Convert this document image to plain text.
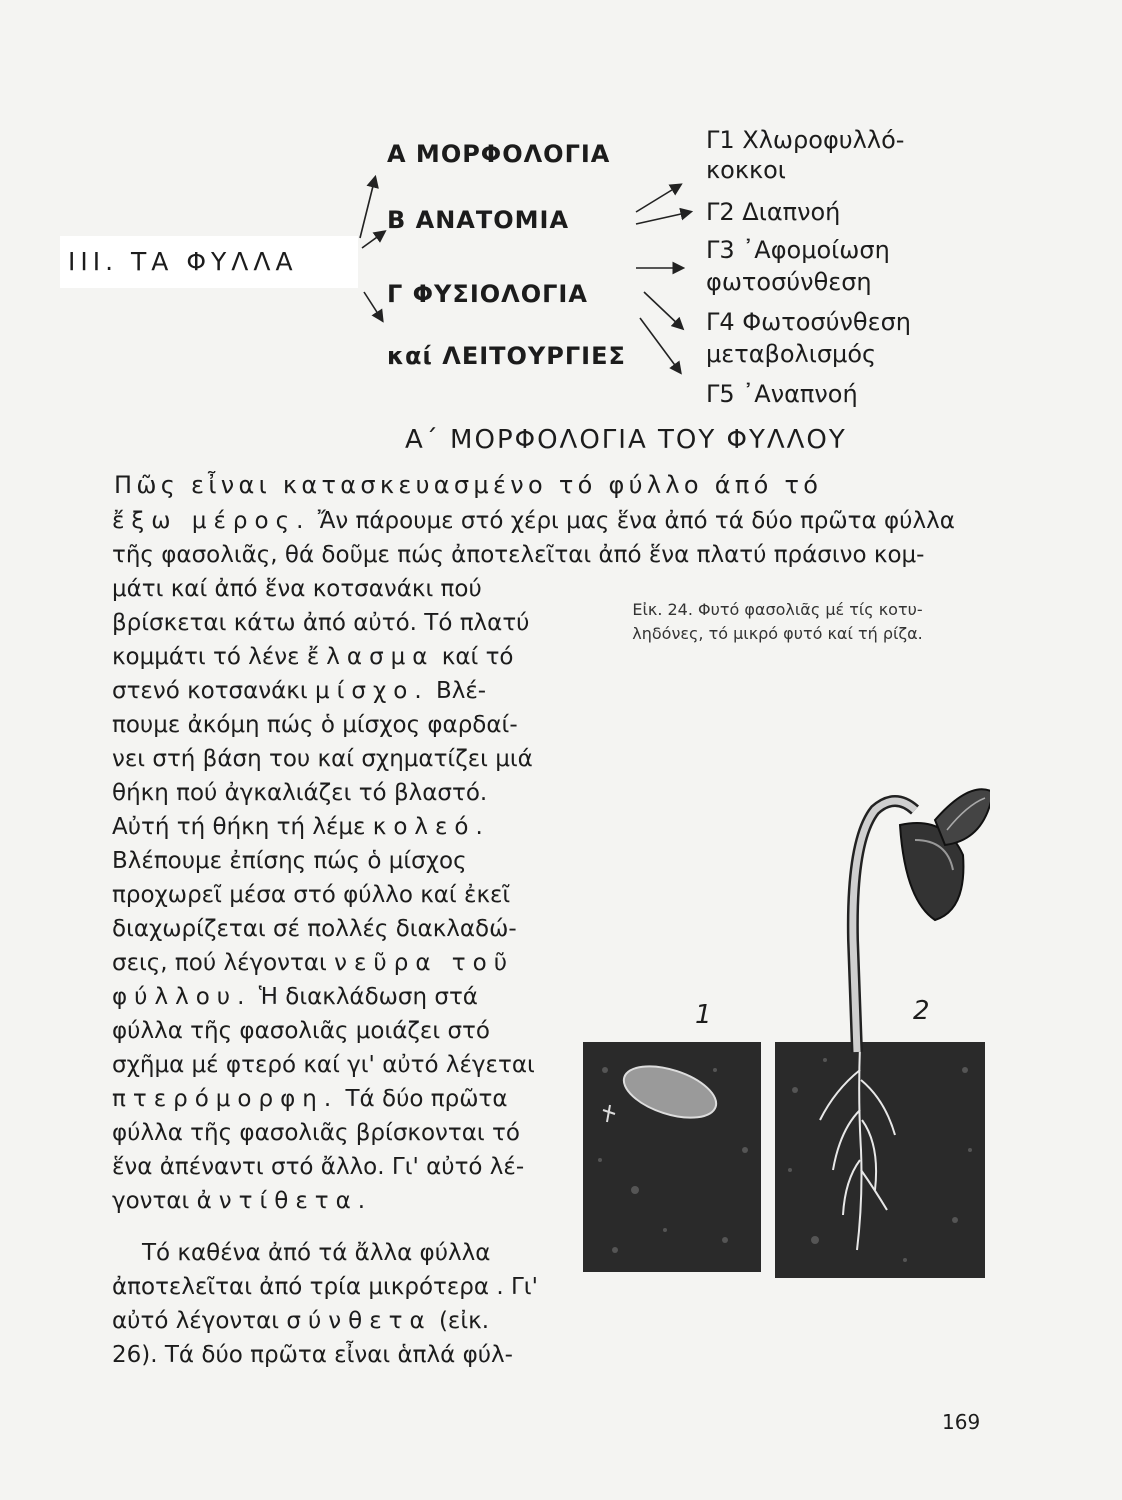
ΙΙΙ. ΤΑ ΦΥΛΛΑ
Α ΜΟΡΦΟΛΟΓΙΑ
Β ΑΝΑΤΟΜΙΑ
Γ ΦΥΣΙΟΛΟΓΙΑ
καί ΛΕΙΤΟΥΡΓΙΕΣ
Γ1 Χλωροφυλλό-
κοκκοι
Γ2 Διαπνοή
Γ3 ᾽Αφομοίωση
φωτοσύνθεση
Γ4 Φωτοσύνθεση
μεταβολισμός
Γ5 ᾽Αναπνοή
Α΄ ΜΟΡΦΟΛΟΓΙΑ ΤΟΥ ΦΥΛΛΟΥ
Πῶς εἶναι κατασκευασμένο τό φύλλο άπό τό
ἔξω μέρος. Ἄν πάρουμε στό χέρι μας ἕνα ἀπό τά δύο πρῶτα φύλλα
τῆς φασολιᾶς, θά δοῦμε πώς ἀποτελεῖται ἀπό ἕνα πλατύ πράσινο κομ-
μάτι καί ἀπό ἕνα κοτσανάκι πού
βρίσκεται κάτω ἀπό αὐτό. Τό πλατύ
κομμάτι τό λένε ἔλασμα καί τό
στενό κοτσανάκι μίσχο. Βλέ-
πουμε ἀκόμη πώς ὁ μίσχος φαρδαί-
νει στή βάση του καί σχηματίζει μιά
θήκη πού ἀγκαλιάζει τό βλαστό.
Αὐτή τή θήκη τή λέμε κολεό.
Βλέπουμε ἐπίσης πώς ὁ μίσχος
προχωρεῖ μέσα στό φύλλο καί ἐκεῖ
διαχωρίζεται σέ πολλές διακλαδώ-
σεις, πού λέγονται νεῦρα τοῦ
φύλλου. Ἡ διακλάδωση στά
φύλλα τῆς φασολιᾶς μοιάζει στό
σχῆμα μέ φτερό καί γι' αὐτό λέγεται
πτερόμορφη. Τά δύο πρῶτα
φύλλα τῆς φασολιᾶς βρίσκονται τό
ἕνα ἀπέναντι στό ἄλλο. Γι' αὐτό λέ-
γονται ἀντίθετα.
Τό καθένα ἀπό τά ἄλλα φύλλα
ἀποτελεῖται ἀπό τρία μικρότερα . Γι'
αὐτό λέγονται σύνθετα (εἰκ.
26). Τά δύο πρῶτα εἶναι ἁπλά φύλ-
Εἰκ. 24. Φυτό φασολιᾶς μέ τίς κοτυ-
ληδόνες, τό μικρό φυτό καί τή ρίζα.
1	2
169
